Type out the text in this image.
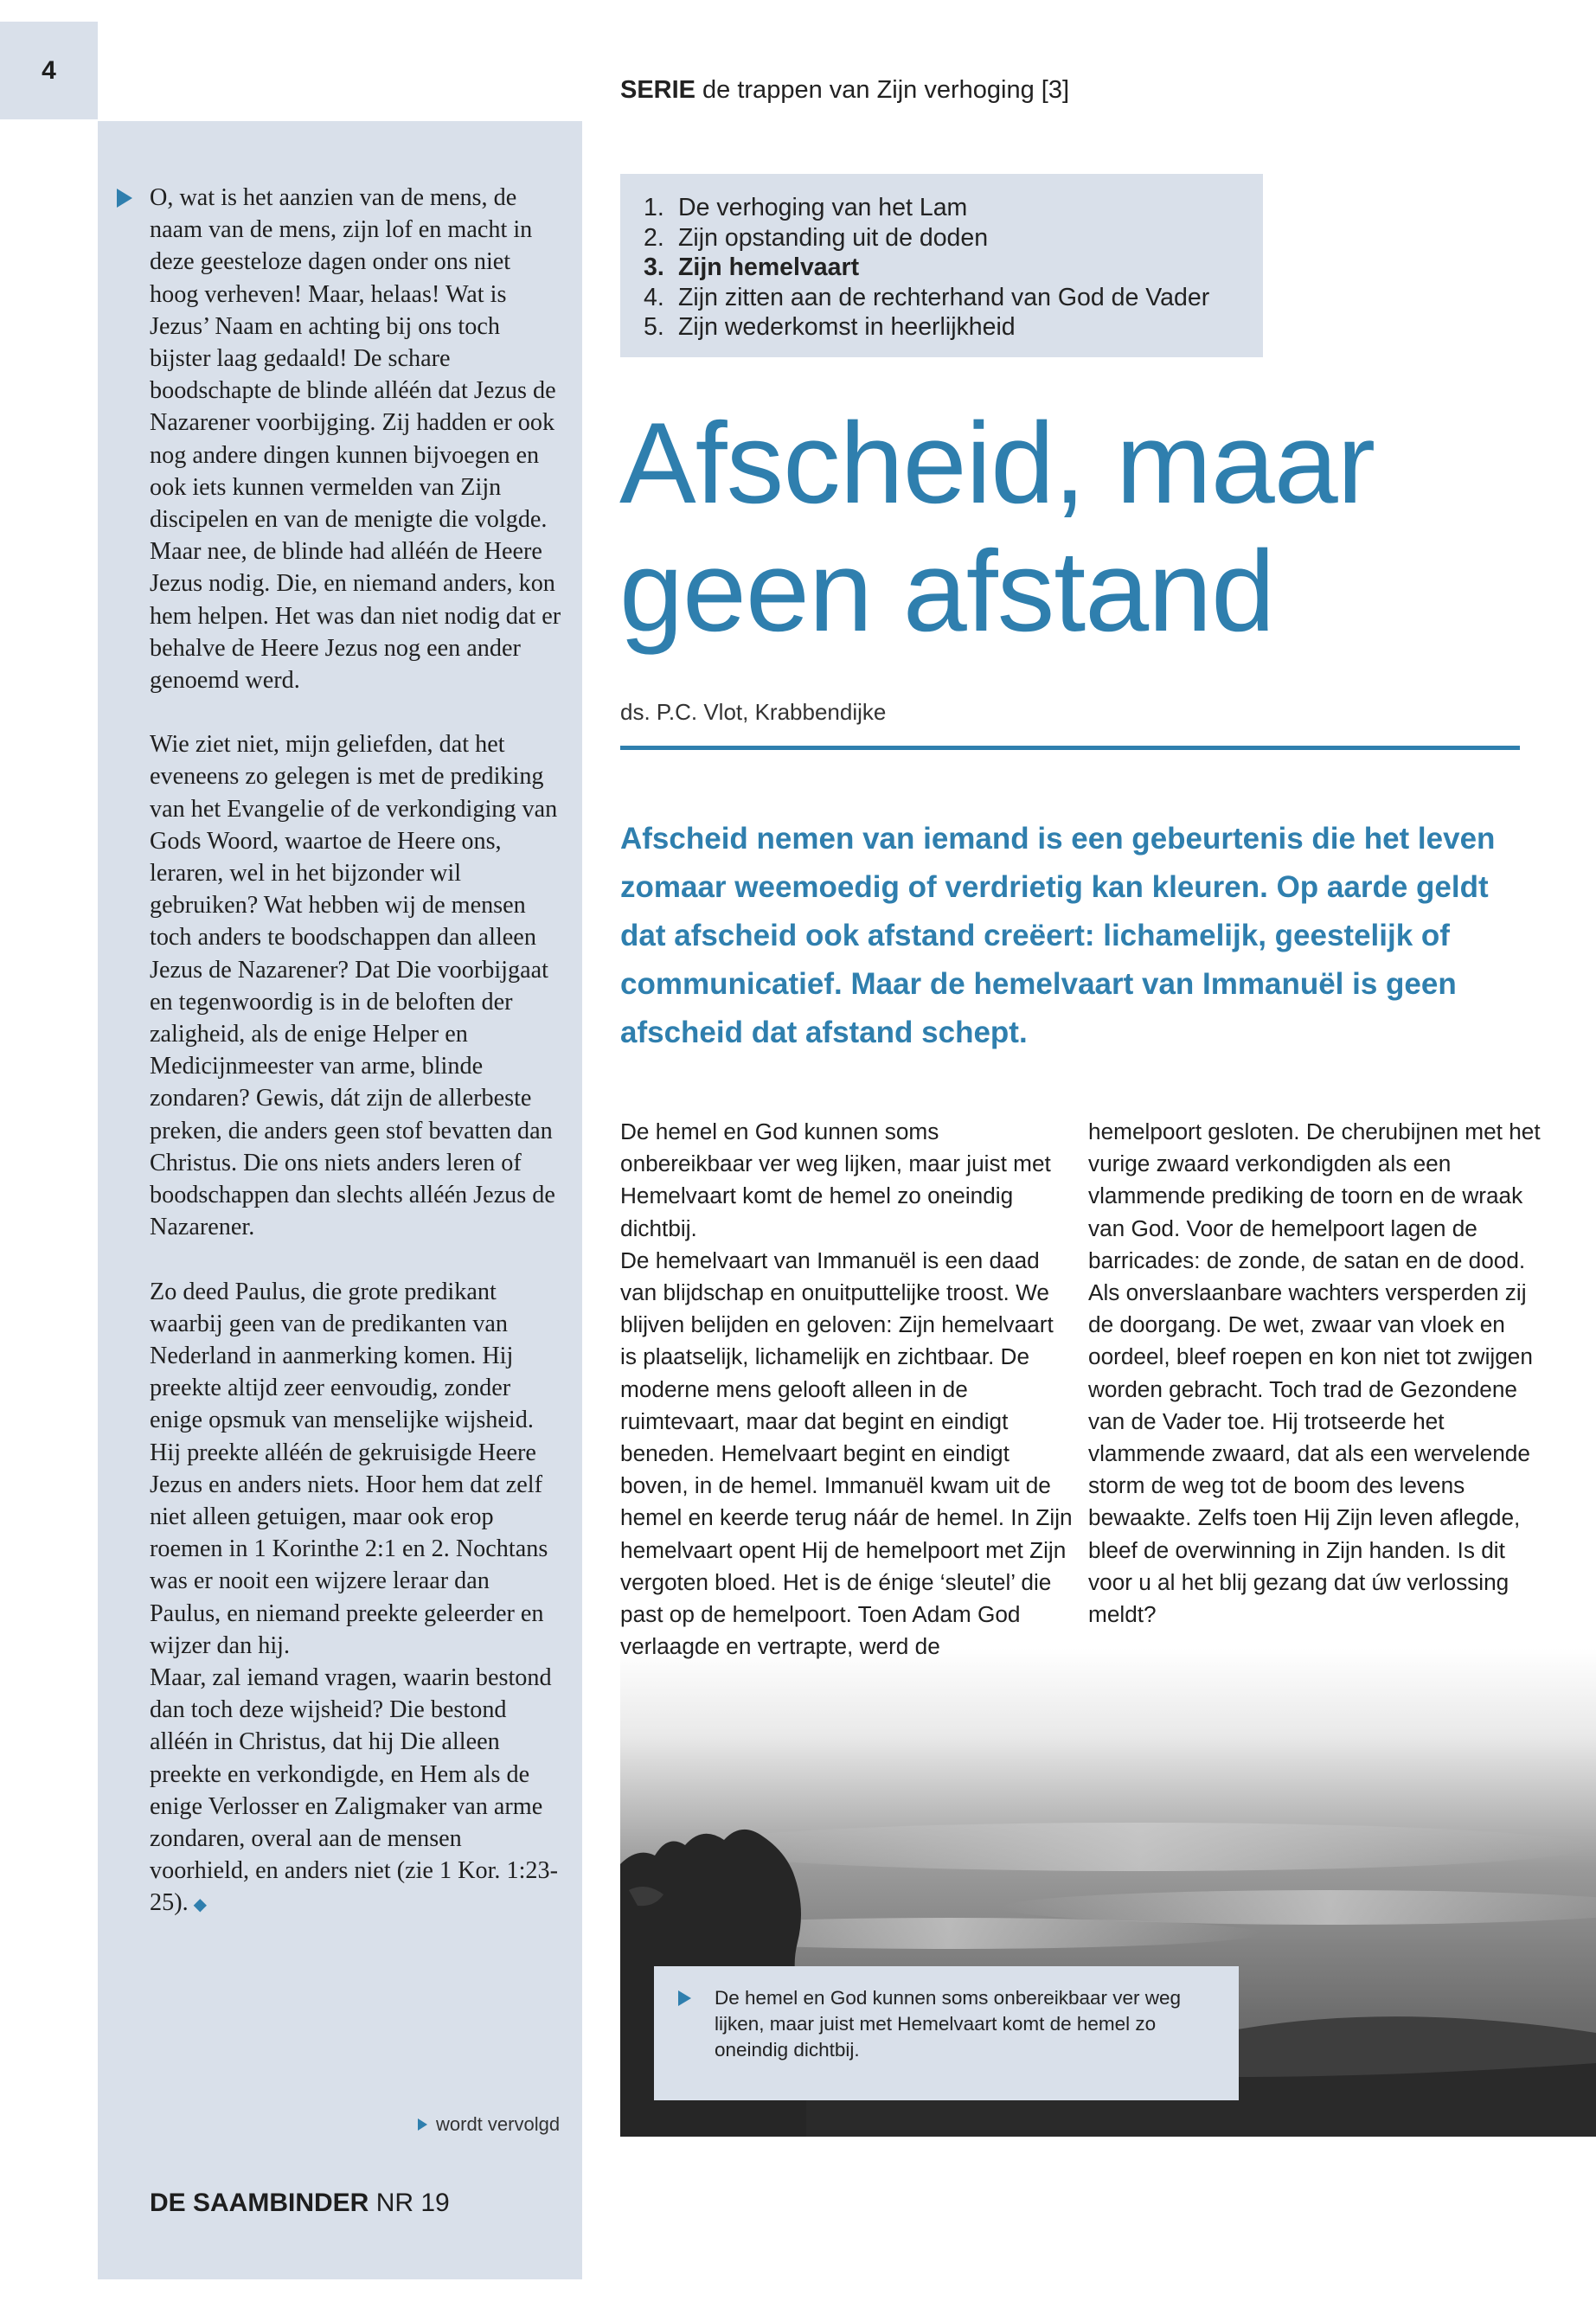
4

O, wat is het aanzien van de mens, de naam van de mens, zijn lof en macht in deze geesteloze dagen onder ons niet hoog verheven! Maar, helaas! Wat is Jezus’ Naam en achting bij ons toch bijster laag gedaald! De schare boodschapte de blinde alléén dat Jezus de Nazarener voorbijging. Zij hadden er ook nog andere dingen kunnen bijvoegen en ook iets kunnen vermelden van Zijn discipelen en van de menigte die volgde. Maar nee, de blinde had alléén de Heere Jezus nodig. Die, en niemand anders, kon hem helpen. Het was dan niet nodig dat er behalve de Heere Jezus nog een ander genoemd werd.

Wie ziet niet, mijn geliefden, dat het eveneens zo gelegen is met de prediking van het Evangelie of de verkondiging van Gods Woord, waartoe de Heere ons, leraren, wel in het bijzonder wil gebruiken? Wat hebben wij de mensen toch anders te boodschappen dan alleen Jezus de Nazarener? Dat Die voorbijgaat en tegenwoordig is in de beloften der zaligheid, als de enige Helper en Medicijnmeester van arme, blinde zondaren? Gewis, dát zijn de allerbeste preken, die anders geen stof bevatten dan Christus. Die ons niets anders leren of boodschappen dan slechts alléén Jezus de Nazarener.

Zo deed Paulus, die grote predikant waarbij geen van de predikanten van Nederland in aanmerking komen. Hij preekte altijd zeer eenvoudig, zonder enige opsmuk van menselijke wijsheid. Hij preekte alléén de gekruisigde Heere Jezus en anders niets. Hoor hem dat zelf niet alleen getuigen, maar ook erop roemen in 1 Korinthe 2:1 en 2. Nochtans was er nooit een wijzere leraar dan Paulus, en niemand preekte geleerder en wijzer dan hij.

Maar, zal iemand vragen, waarin bestond dan toch deze wijsheid? Die bestond alléén in Christus, dat hij Die alleen preekte en verkondigde, en Hem als de enige Verlosser en Zaligmaker van arme zondaren, overal aan de mensen voorhield, en anders niet (zie 1 Kor. 1:23-25). ◆

wordt vervolgd
DE SAAMBINDER NR 19
SERIE de trappen van Zijn verhoging [3]
1. De verhoging van het Lam
2. Zijn opstanding uit de doden
3. Zijn hemelvaart
4. Zijn zitten aan de rechterhand van God de Vader
5. Zijn wederkomst in heerlijkheid
Afscheid, maar
geen afstand
ds. P.C. Vlot, Krabbendijke
Afscheid nemen van iemand is een gebeurtenis die het leven zomaar weemoedig of verdrietig kan kleuren. Op aarde geldt dat afscheid ook afstand creëert: lichamelijk, geestelijk of communicatief. Maar de hemelvaart van Immanuël is geen afscheid dat afstand schept.

De hemel en God kunnen soms onbereikbaar ver weg lijken, maar juist met Hemelvaart komt de hemel zo oneindig dichtbij.

De hemelvaart van Immanuël is een daad van blijdschap en onuitputtelijke troost. We blijven belijden en geloven: Zijn hemelvaart is plaatselijk, lichamelijk en zichtbaar. De moderne mens gelooft alleen in de ruimtevaart, maar dat begint en eindigt beneden. Hemelvaart begint en eindigt boven, in de hemel. Immanuël kwam uit de hemel en keerde terug náár de hemel. In Zijn hemelvaart opent Hij de hemelpoort met Zijn vergoten bloed. Het is de énige ‘sleutel’ die past op de hemelpoort. Toen Adam God verlaagde en vertrapte, werd de

hemelpoort gesloten. De cherubijnen met het vurige zwaard verkondigden als een vlammende prediking de toorn en de wraak van God. Voor de hemelpoort lagen de barricades: de zonde, de satan en de dood.

Als onverslaanbare wachters versperden zij de doorgang. De wet, zwaar van vloek en oordeel, bleef roepen en kon niet tot zwijgen worden gebracht. Toch trad de Gezondene van de Vader toe. Hij trotseerde het vlammende zwaard, dat als een wervelende storm de weg tot de boom des levens bewaakte. Zelfs toen Hij Zijn leven aflegde, bleef de overwinning in Zijn handen. Is dit voor u al het blij gezang dat úw verlossing meldt?

De hemel en God kunnen soms onbereikbaar ver weg lijken, maar juist met Hemelvaart komt de hemel zo oneindig dichtbij.
